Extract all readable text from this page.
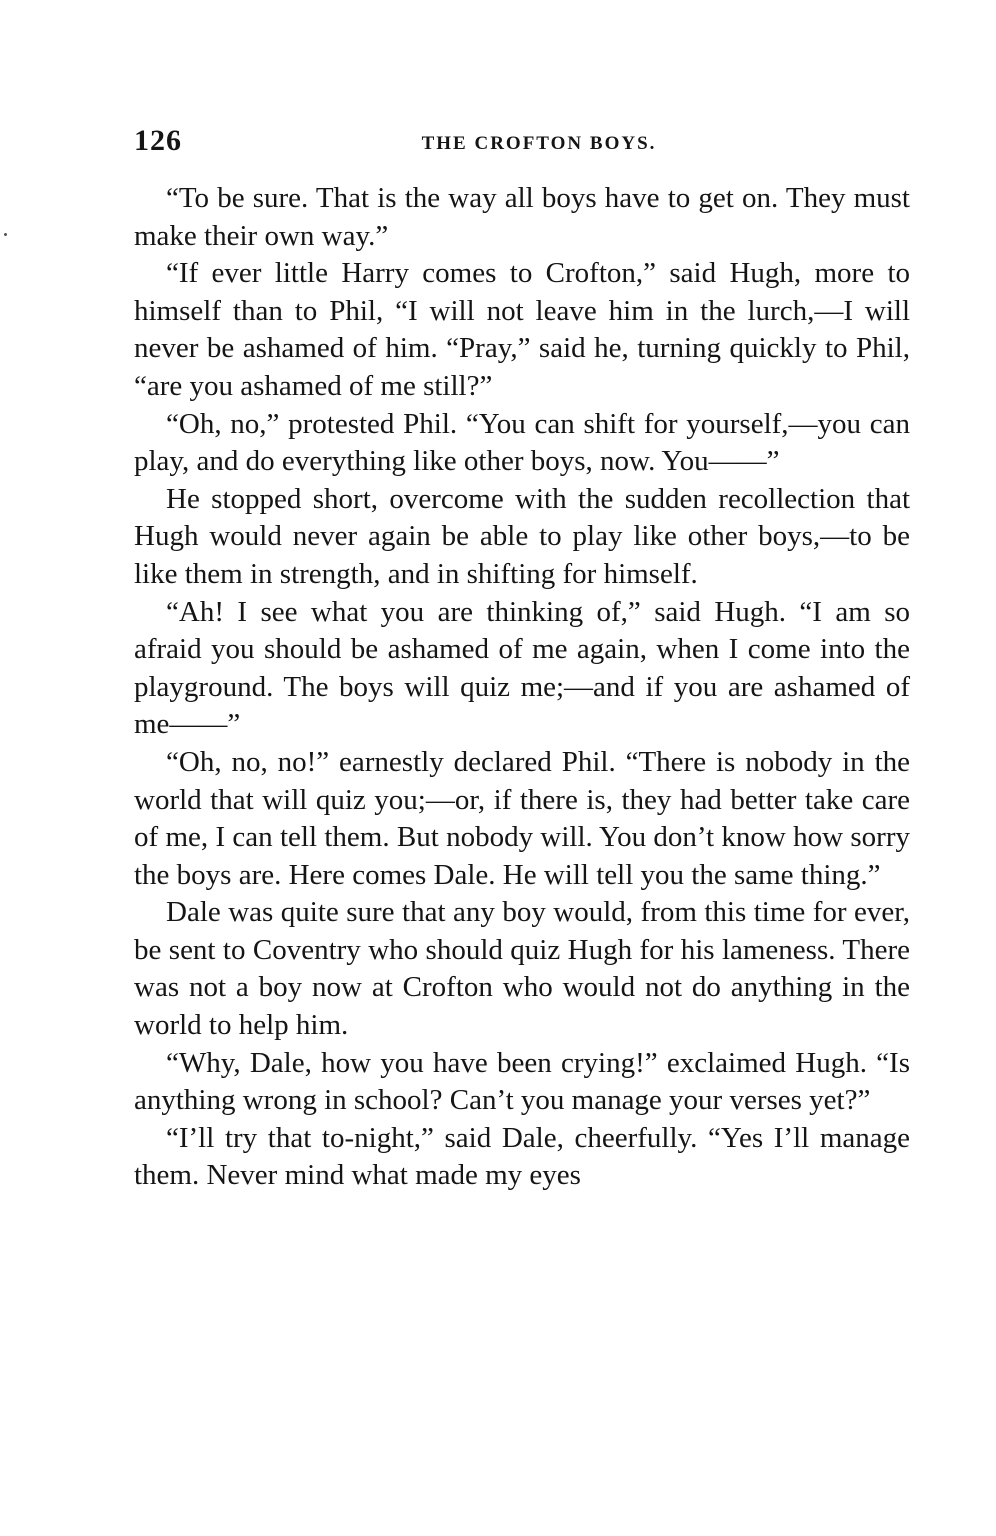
126	THE CROFTON BOYS.

“To be sure. That is the way all boys have to get on. They must make their own way.”

“If ever little Harry comes to Crofton,” said Hugh, more to himself than to Phil, “I will not leave him in the lurch,—I will never be ashamed of him. “Pray,” said he, turning quickly to Phil, “are you ashamed of me still?”

“Oh, no,” protested Phil. “You can shift for yourself,—you can play, and do everything like other boys, now. You——”

He stopped short, overcome with the sudden recollection that Hugh would never again be able to play like other boys,—to be like them in strength, and in shifting for himself.

“Ah! I see what you are thinking of,” said Hugh. “I am so afraid you should be ashamed of me again, when I come into the playground. The boys will quiz me;—and if you are ashamed of me——”

“Oh, no, no!” earnestly declared Phil. “There is nobody in the world that will quiz you;—or, if there is, they had better take care of me, I can tell them. But nobody will. You don’t know how sorry the boys are. Here comes Dale. He will tell you the same thing.”

Dale was quite sure that any boy would, from this time for ever, be sent to Coventry who should quiz Hugh for his lameness. There was not a boy now at Crofton who would not do anything in the world to help him.

“Why, Dale, how you have been crying!” exclaimed Hugh. “Is anything wrong in school? Can’t you manage your verses yet?”

“I’ll try that to-night,” said Dale, cheerfully. “Yes I’ll manage them. Never mind what made my eyes
